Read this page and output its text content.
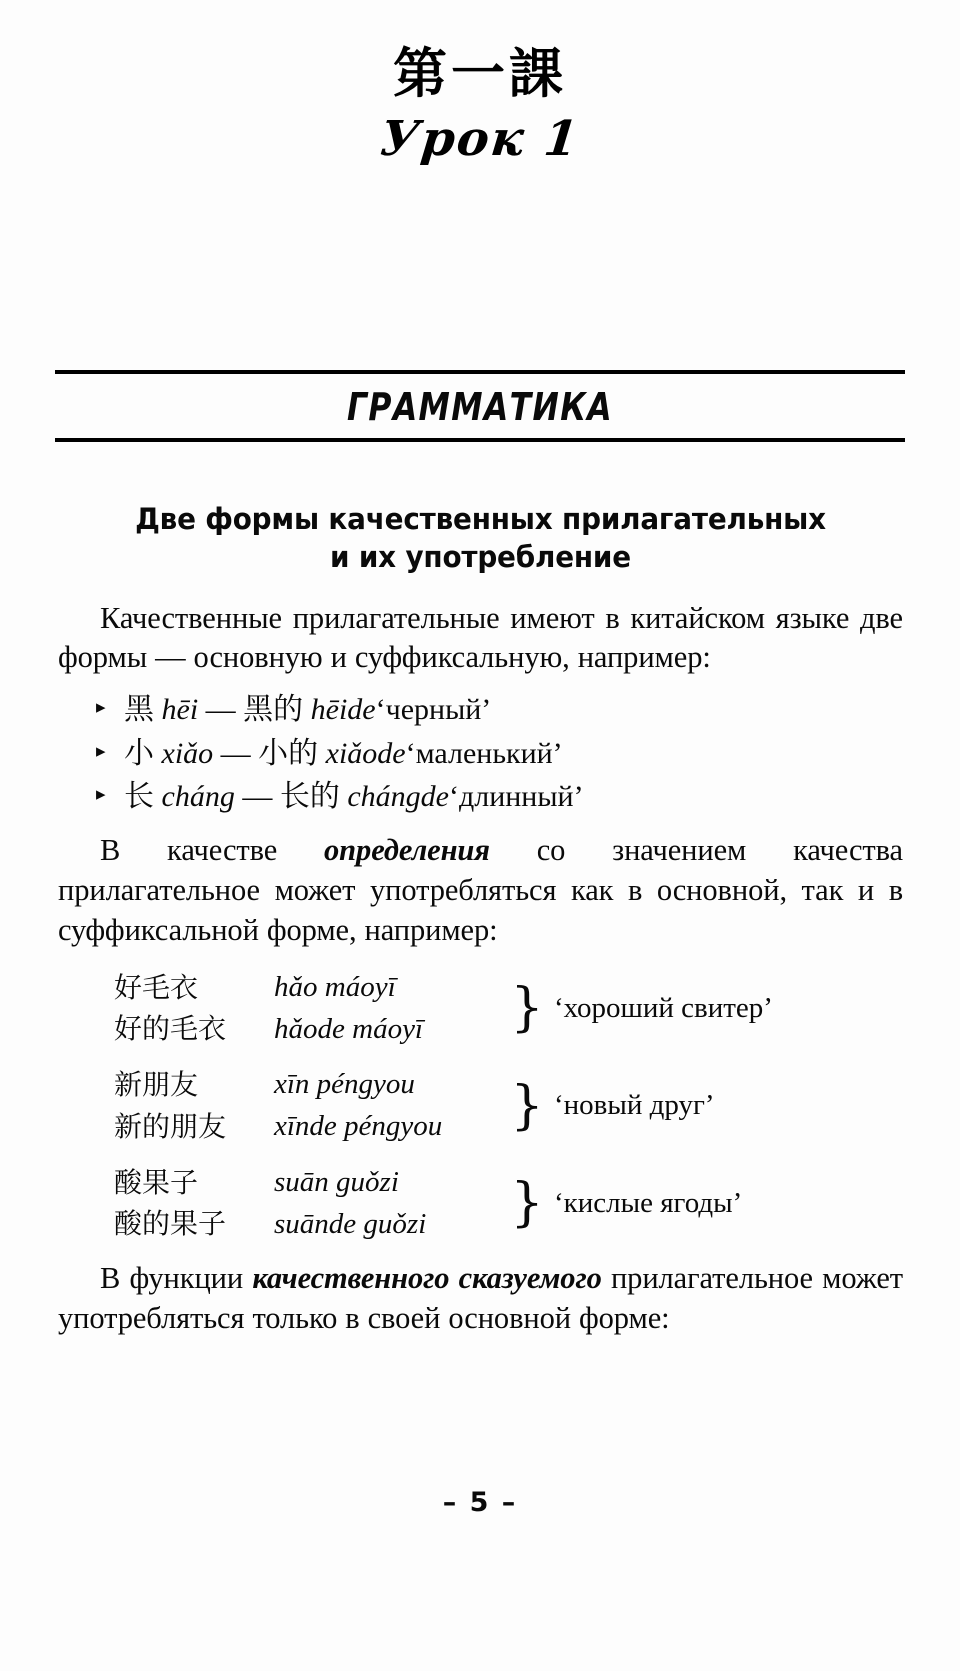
第一課
Урок 1
ГРАММАТИКА
Две формы качественных прилагательных
и их употребление

Качественные прилагательные имеют в китайском языке две формы — основную и суффиксальную, например:

▸ 黑 hēi — 黑的 hēide‘черный’
▸ 小 xiǎo — 小的 xiǎode‘маленький’
▸ 长 cháng — 长的 chángde‘длинный’

В качестве определения со значением качества прилагательное может употребляться как в основной, так и в суффиксальной форме, например:

好毛衣	hǎo máoyī	}	‘хороший свитер’
好的毛衣	hǎode máoyī		

新朋友	xīn péngyou	}	‘новый друг’
新的朋友	xīnde péngyou		

酸果子	suān guǒzi	}	‘кислые ягоды’
酸的果子	suānde guǒzi		

В функции качественного сказуемого прилагательное может употребляться только в своей основной форме:

– 5 –
